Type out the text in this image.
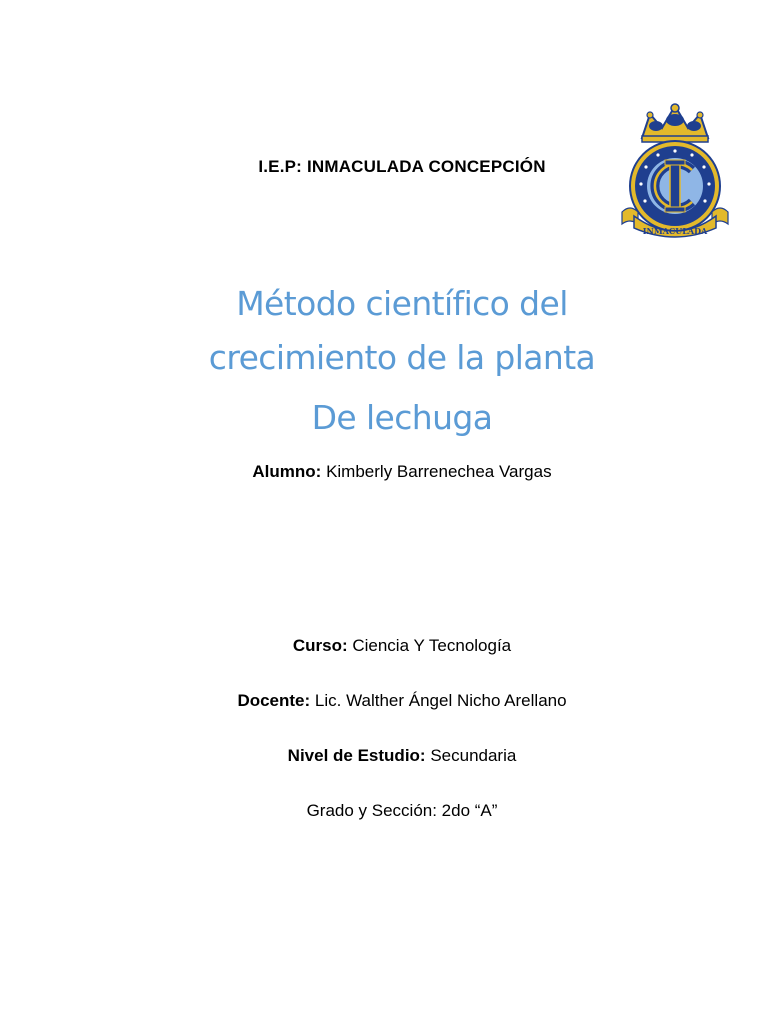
I.E.P: INMACULADA CONCEPCIÓN
INMACULADA
Método científico del
crecimiento de la planta
De lechuga
Alumno: Kimberly Barrenechea Vargas
Curso: Ciencia Y Tecnología
Docente: Lic. Walther Ángel Nicho Arellano
Nivel de Estudio: Secundaria
Grado y Sección: 2do “A”
